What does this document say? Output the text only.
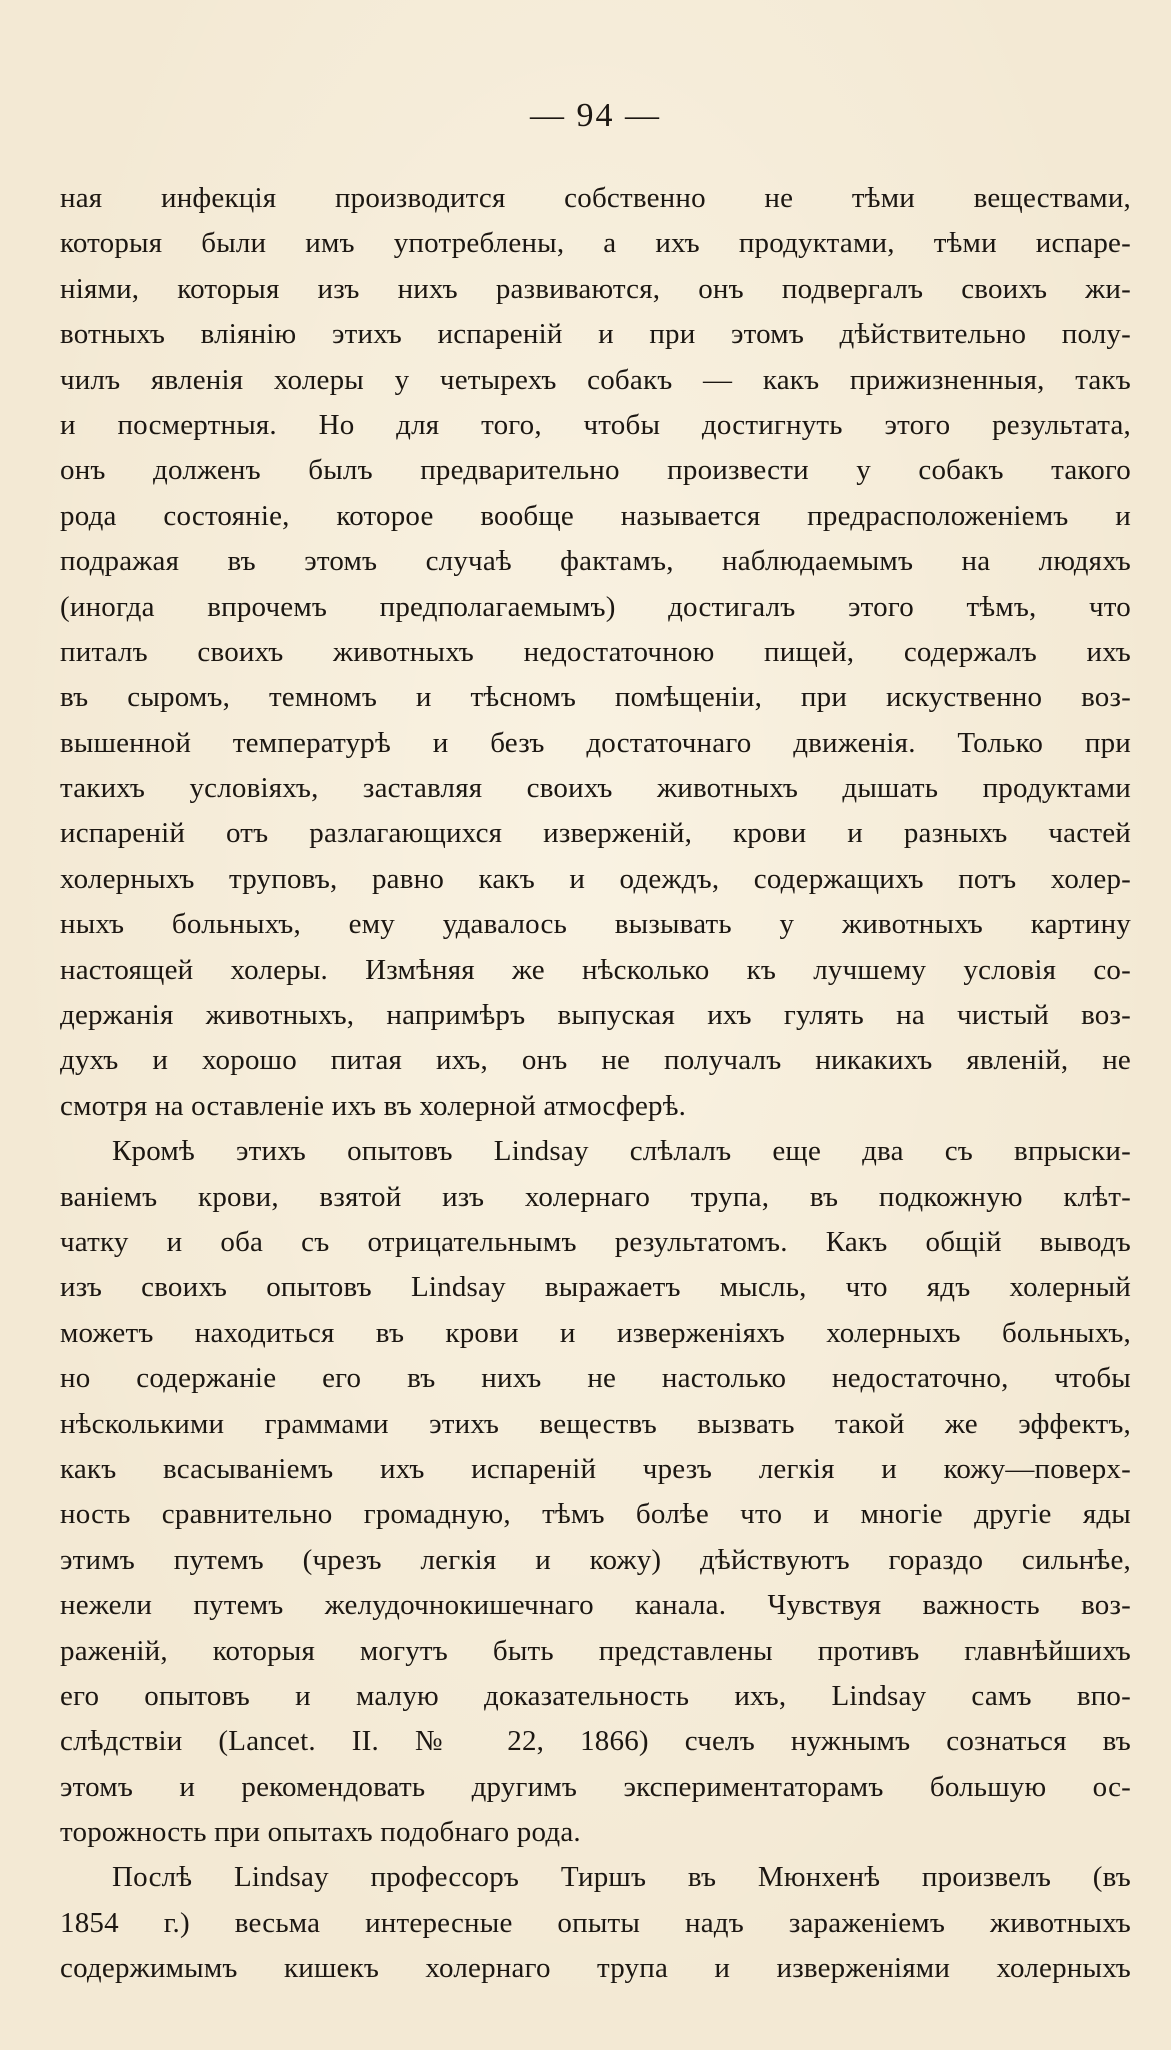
— 94 —
ная инфекція производится собственно не тѣми веществами,
которыя были имъ употреблены, а ихъ продуктами, тѣми испаре-
ніями, которыя изъ нихъ развиваются, онъ подвергалъ своихъ жи-
вотныхъ вліянію этихъ испареній и при этомъ дѣйствительно полу-
чилъ явленія холеры у четырехъ собакъ — какъ прижизненныя, такъ
и посмертныя. Но для того, чтобы достигнуть этого результата,
онъ долженъ былъ предварительно произвести у собакъ такого
рода состояніе, которое вообще называется предрасположеніемъ и
подражая въ этомъ случаѣ фактамъ, наблюдаемымъ на людяхъ
(иногда впрочемъ предполагаемымъ) достигалъ этого тѣмъ, что
питалъ своихъ животныхъ недостаточною пищей, содержалъ ихъ
въ сыромъ, темномъ и тѣсномъ помѣщеніи, при искуственно воз-
вышенной температурѣ и безъ достаточнаго движенія. Только при
такихъ условіяхъ, заставляя своихъ животныхъ дышать продуктами
испареній отъ разлагающихся изверженій, крови и разныхъ частей
холерныхъ труповъ, равно какъ и одеждъ, содержащихъ потъ холер-
ныхъ больныхъ, ему удавалось вызывать у животныхъ картину
настоящей холеры. Измѣняя же нѣсколько къ лучшему условія со-
держанія животныхъ, напримѣръ выпуская ихъ гулять на чистый воз-
духъ и хорошо питая ихъ, онъ не получалъ никакихъ явленій, не
смотря на оставленіе ихъ въ холерной атмосферѣ.
Кромѣ этихъ опытовъ Lindsay слѣлалъ еще два съ впрыски-
ваніемъ крови, взятой изъ холернаго трупа, въ подкожную клѣт-
чатку и оба съ отрицательнымъ результатомъ. Какъ общій выводъ
изъ своихъ опытовъ Lindsay выражаетъ мысль, что ядъ холерный
можетъ находиться въ крови и изверженіяхъ холерныхъ больныхъ,
но содержаніе его въ нихъ не настолько недостаточно, чтобы
нѣсколькими граммами этихъ веществъ вызвать такой же эффектъ,
какъ всасываніемъ ихъ испареній чрезъ легкія и кожу—поверх-
ность сравнительно громадную, тѣмъ болѣе что и многіе другіе яды
этимъ путемъ (чрезъ легкія и кожу) дѣйствуютъ гораздо сильнѣе,
нежели путемъ желудочнокишечнаго канала. Чувствуя важность воз-
раженій, которыя могутъ быть представлены противъ главнѣйшихъ
его опытовъ и малую доказательность ихъ, Lindsay самъ впо-
слѣдствіи (Lancet. II. № 22, 1866) счелъ нужнымъ сознаться въ
этомъ и рекомендовать другимъ экспериментаторамъ большую ос-
торожность при опытахъ подобнаго рода.
Послѣ Lindsay профессоръ Тиршъ въ Мюнхенѣ произвелъ (въ
1854 г.) весьма интересные опыты надъ зараженіемъ животныхъ
содержимымъ кишекъ холернаго трупа и изверженіями холерныхъ
